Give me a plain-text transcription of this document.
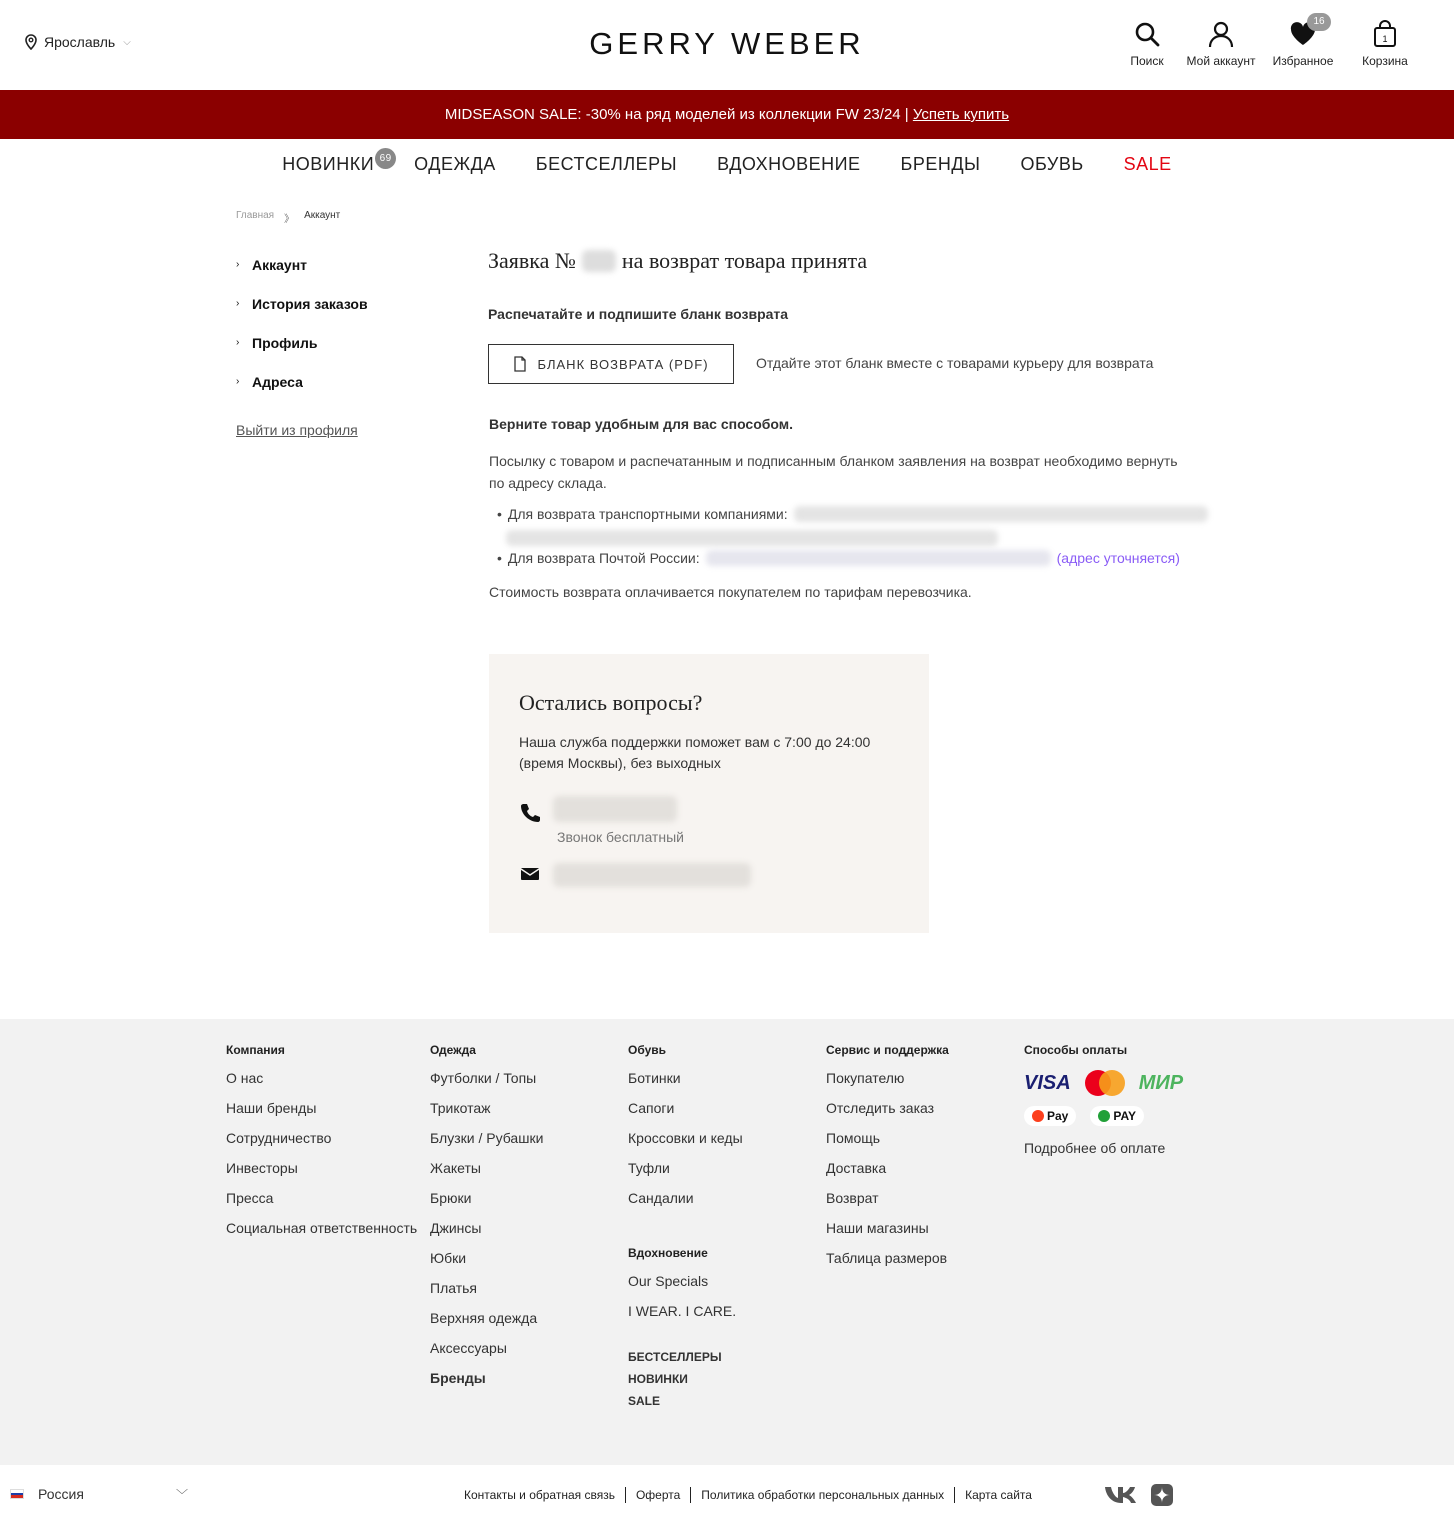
Ярославль ⌵	GERRY WEBER	Поиск Мой аккаунт
16
Избранное
1
Корзина
MIDSEASON SALE: -30% на ряд моделей из коллекции FW 23/24 | Успеть купить
НОВИНКИ 69 ОДЕЖДА БЕСТСЕЛЛЕРЫ ВДОХНОВЕНИЕ БРЕНДЫ ОБУВЬ SALE
Главная 》 Аккаунт
› Аккаунт
› История заказов
› Профиль
› Адреса
Выйти из профиля
Заявка № на возврат товара принята
Распечатайте и подпишите бланк возврата
БЛАНК ВОЗВРАТА (PDF)	Отдайте этот бланк вместе с товарами курьеру для возврата
Верните товар удобным для вас способом.
Посылку с товаром и распечатанным и подписанным бланком заявления на возврат необходимо вернуть по адресу склада.
• Для возврата транспортными компаниями:
• Для возврата Почтой России:	(адрес уточняется)
Стоимость возврата оплачивается покупателем по тарифам перевозчика.
Остались вопросы?

Наша служба поддержки поможет вам с 7:00 до 24:00 (время Москвы), без выходных

Звонок бесплатный
Компания
О нас
Наши бренды
Сотрудничество
Инвесторы
Пресса
Социальная ответственность
Одежда
Футболки / Топы
Трикотаж
Блузки / Рубашки
Жакеты
Брюки
Джинсы
Юбки
Платья
Верхняя одежда
Аксессуары
Бренды
Обувь
Ботинки
Сапоги
Кроссовки и кеды
Туфли
Сандалии
Вдохновение
Our Specials
I WEAR. I CARE.
БЕСТСЕЛЛЕРЫ
НОВИНКИ
SALE
Сервис и поддержка
Покупателю
Отследить заказ
Помощь
Доставка
Возврат
Наши магазины
Таблица размеров
Способы оплаты
VISA	МИР
Pay	PAY
Подробнее об оплате
Россия	﹀	Контакты и обратная связь	Оферта	Политика обработки персональных данных	Карта сайта
